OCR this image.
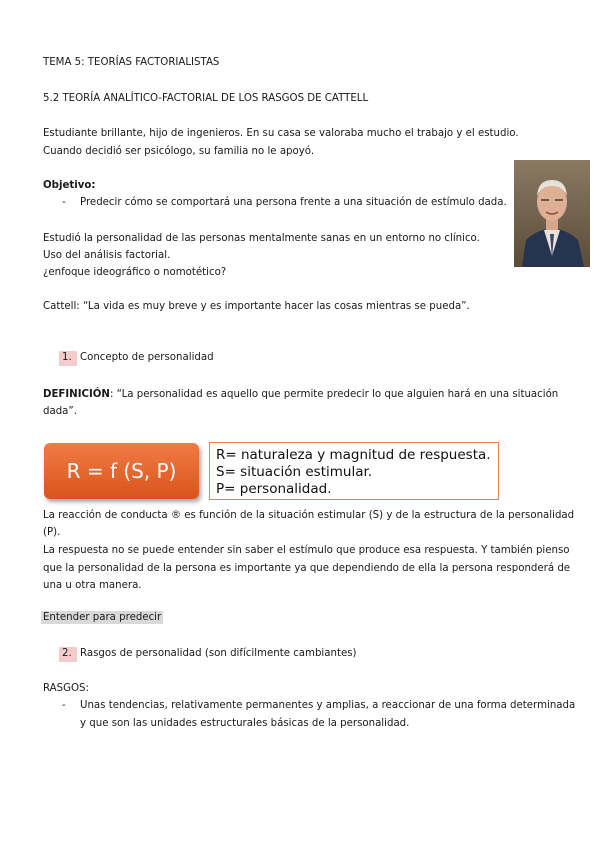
TEMA 5: TEORÍAS FACTORIALISTAS
5.2 TEORÍA ANALÍTICO-FACTORIAL DE LOS RASGOS DE CATTELL
Estudiante brillante, hijo de ingenieros. En su casa se valoraba mucho el trabajo y el estudio.
Cuando decidió ser psicólogo, su familia no le apoyó.
Objetivo:
- Predecir cómo se comportará una persona frente a una situación de estímulo dada.
Estudió la personalidad de las personas mentalmente sanas en un entorno no clínico.
Uso del análisis factorial.
¿enfoque ideográfico o nomotético?
Cattell: “La vida es muy breve y es importante hacer las cosas mientras se pueda”.
1. Concepto de personalidad
DEFINICIÓN: “La personalidad es aquello que permite predecir lo que alguien hará en una situación
dada”.
R = f (S, P)
R= naturaleza y magnitud de respuesta.
S= situación estimular.
P= personalidad.
La reacción de conducta ® es función de la situación estimular (S) y de la estructura de la personalidad
(P).
La respuesta no se puede entender sin saber el estímulo que produce esa respuesta. Y también pienso
que la personalidad de la persona es importante ya que dependiendo de ella la persona responderá de
una u otra manera.
Entender para predecir
2. Rasgos de personalidad (son difícilmente cambiantes)
RASGOS:
- Unas tendencias, relativamente permanentes y amplias, a reaccionar de una forma determinada
y que son las unidades estructurales básicas de la personalidad.
